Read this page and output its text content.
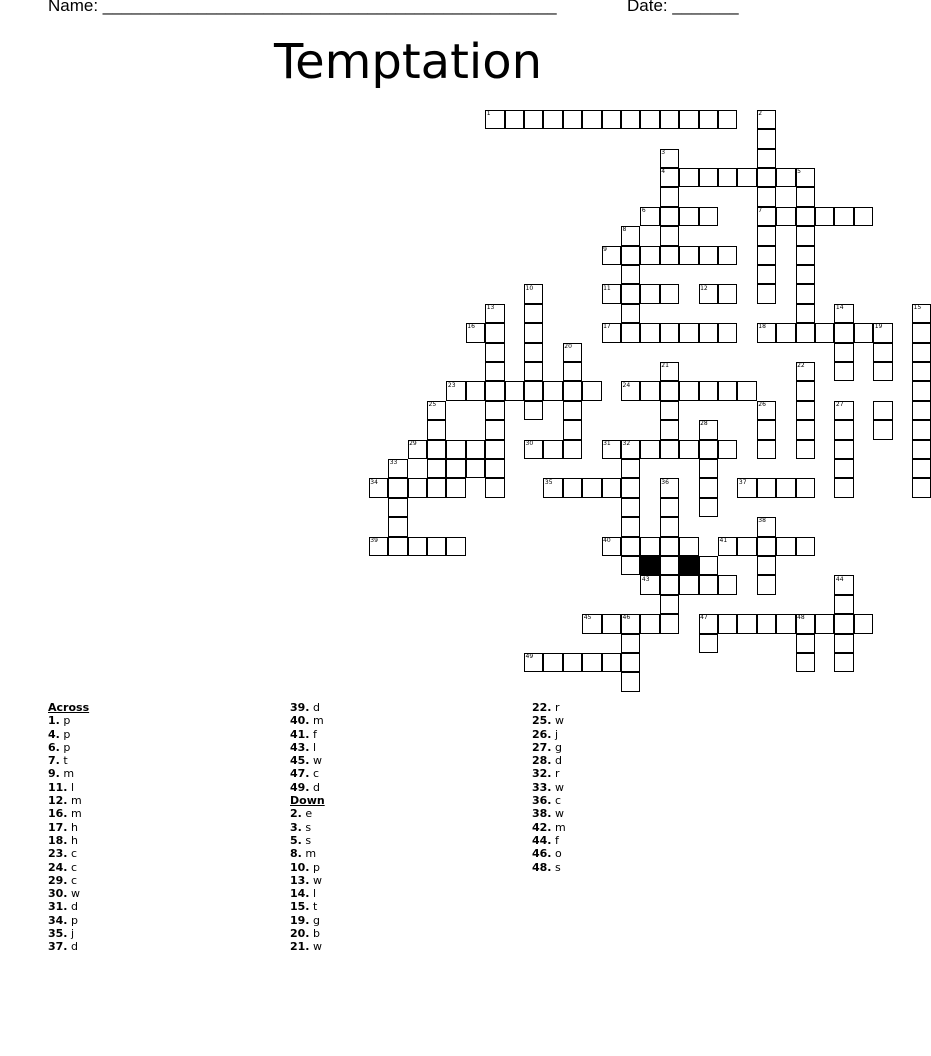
Name: ________________________________________________	Date: _______
Temptation
1	2
3
4	5
6	7
8
9
10	11	12
13	14	15
16	17	18	19
20
21	22
23	24
25	26	27
28
29	30	31 32
33
34	35	36	37
38
39	40	41
42
43	44
45	46	47	48
49
Across
1. p
4. p
6. p
7. t
9. m
11. l
12. m
16. m
17. h
18. h
23. c
24. c
29. c
30. w
31. d
34. p
35. j
37. d
39. d
40. m
41. f
43. l
45. w
47. c
49. d
Down
2. e
3. s
5. s
8. m
10. p
13. w
14. l
15. t
19. g
20. b
21. w
22. r
25. w
26. j
27. g
28. d
32. r
33. w
36. c
38. w
42. m
44. f
46. o
48. s
